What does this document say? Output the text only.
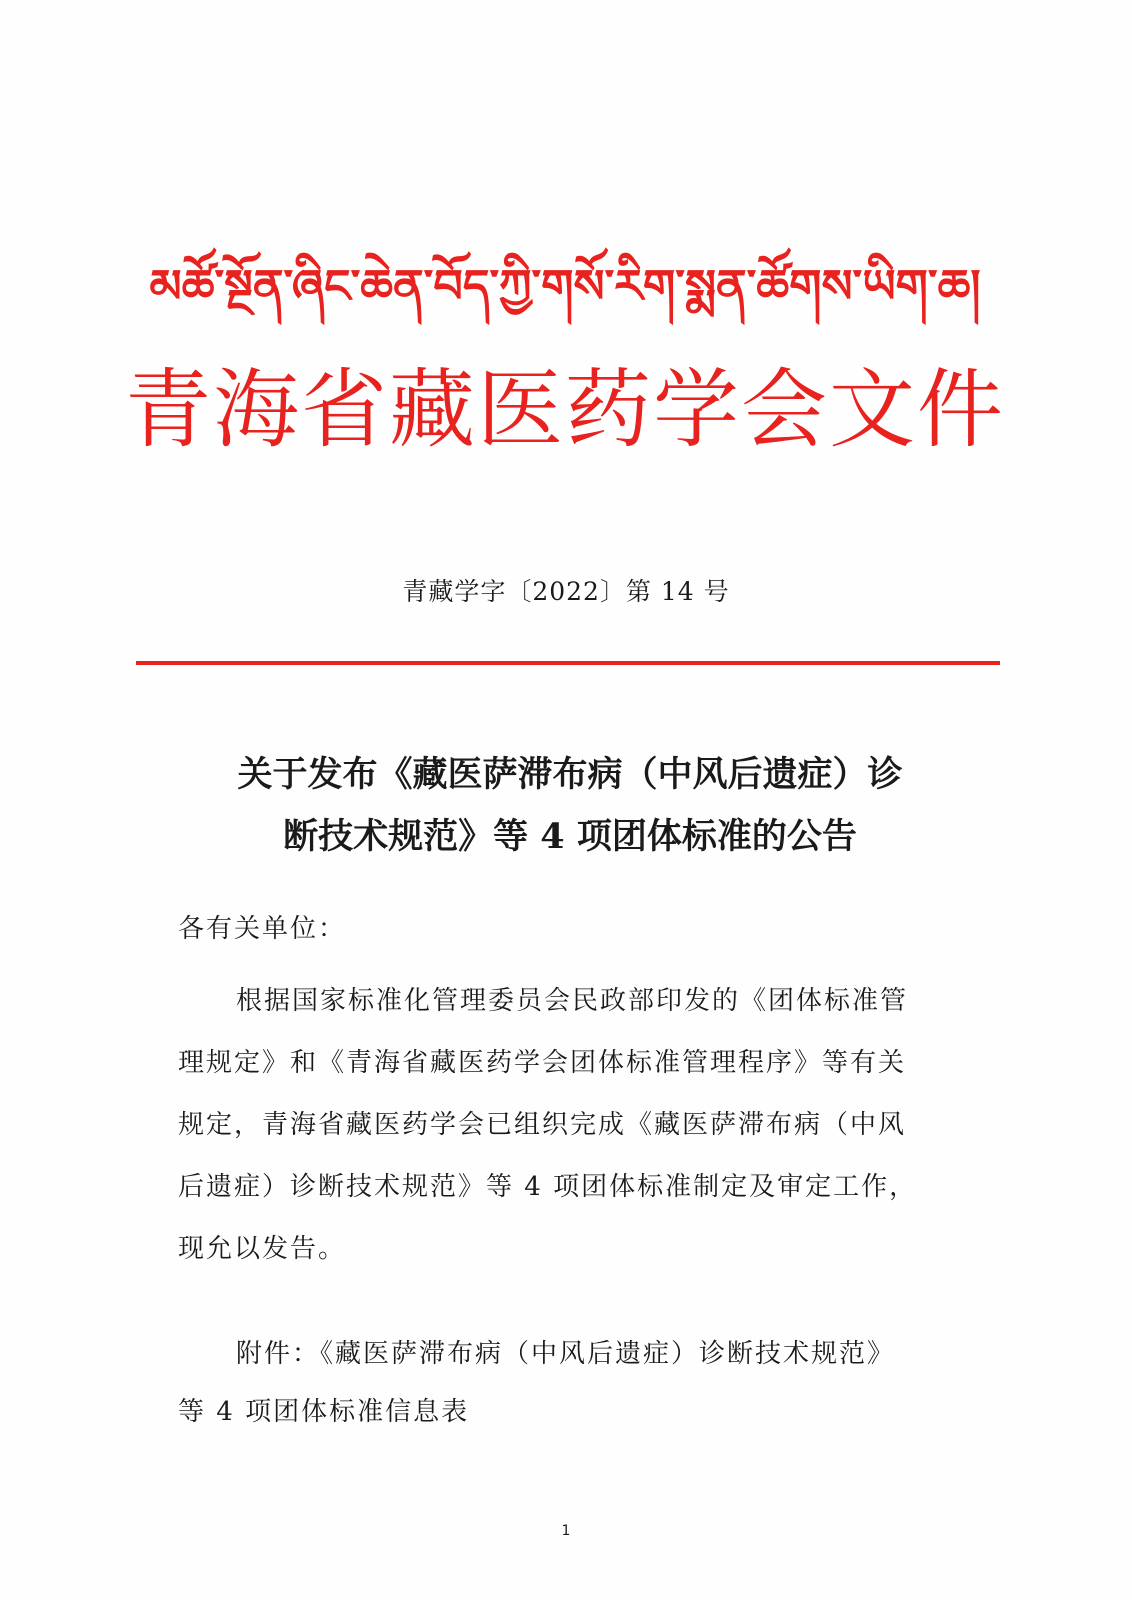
མཚོ་སྔོན་ཞིང་ཆེན་བོད་ཀྱི་གསོ་རིག་སྨན་ཚོགས་ཡིག་ཆ།
青海省藏医药学会文件
青藏学字〔2022〕第 14 号
关于发布《藏医萨滞布病（中风后遗症）诊
断技术规范》等 4 项团体标准的公告
各有关单位：
根据国家标准化管理委员会民政部印发的《团体标准管
理规定》和《青海省藏医药学会团体标准管理程序》等有关
规定，青海省藏医药学会已组织完成《藏医萨滞布病（中风
后遗症）诊断技术规范》等 4 项团体标准制定及审定工作，
现允以发告。
附件：《藏医萨滞布病（中风后遗症）诊断技术规范》
等 4 项团体标准信息表
1
